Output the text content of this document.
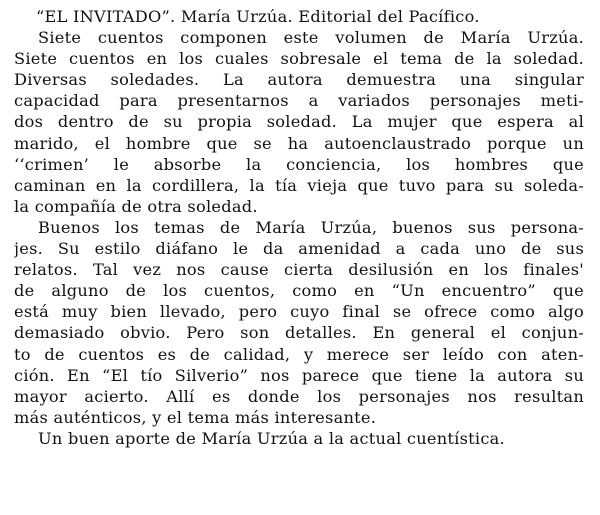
“EL INVITADO”. María Urzúa. Editorial del Pacífico.
Siete cuentos componen este volumen de María Urzúa.
Siete cuentos en los cuales sobresale el tema de la soledad.
Diversas soledades. La autora demuestra una singular
capacidad para presentarnos a variados personajes meti-
dos dentro de su propia soledad. La mujer que espera al
marido, el hombre que se ha autoenclaustrado porque un
‘‘crimen’ le absorbe la conciencia, los hombres que
caminan en la cordillera, la tía vieja que tuvo para su soleda-
la compañía de otra soledad.
Buenos los temas de María Urzúa, buenos sus persona-
jes. Su estilo diáfano le da amenidad a cada uno de sus
relatos. Tal vez nos cause cierta desilusión en los finales'
de alguno de los cuentos, como en “Un encuentro” que
está muy bien llevado, pero cuyo final se ofrece como algo
demasiado obvio. Pero son detalles. En general el conjun-
to de cuentos es de calidad, y merece ser leído con aten-
ción. En “El tío Silverio” nos parece que tiene la autora su
mayor acierto. Allí es donde los personajes nos resultan
más auténticos, y el tema más interesante.
Un buen aporte de María Urzúa a la actual cuentística.
